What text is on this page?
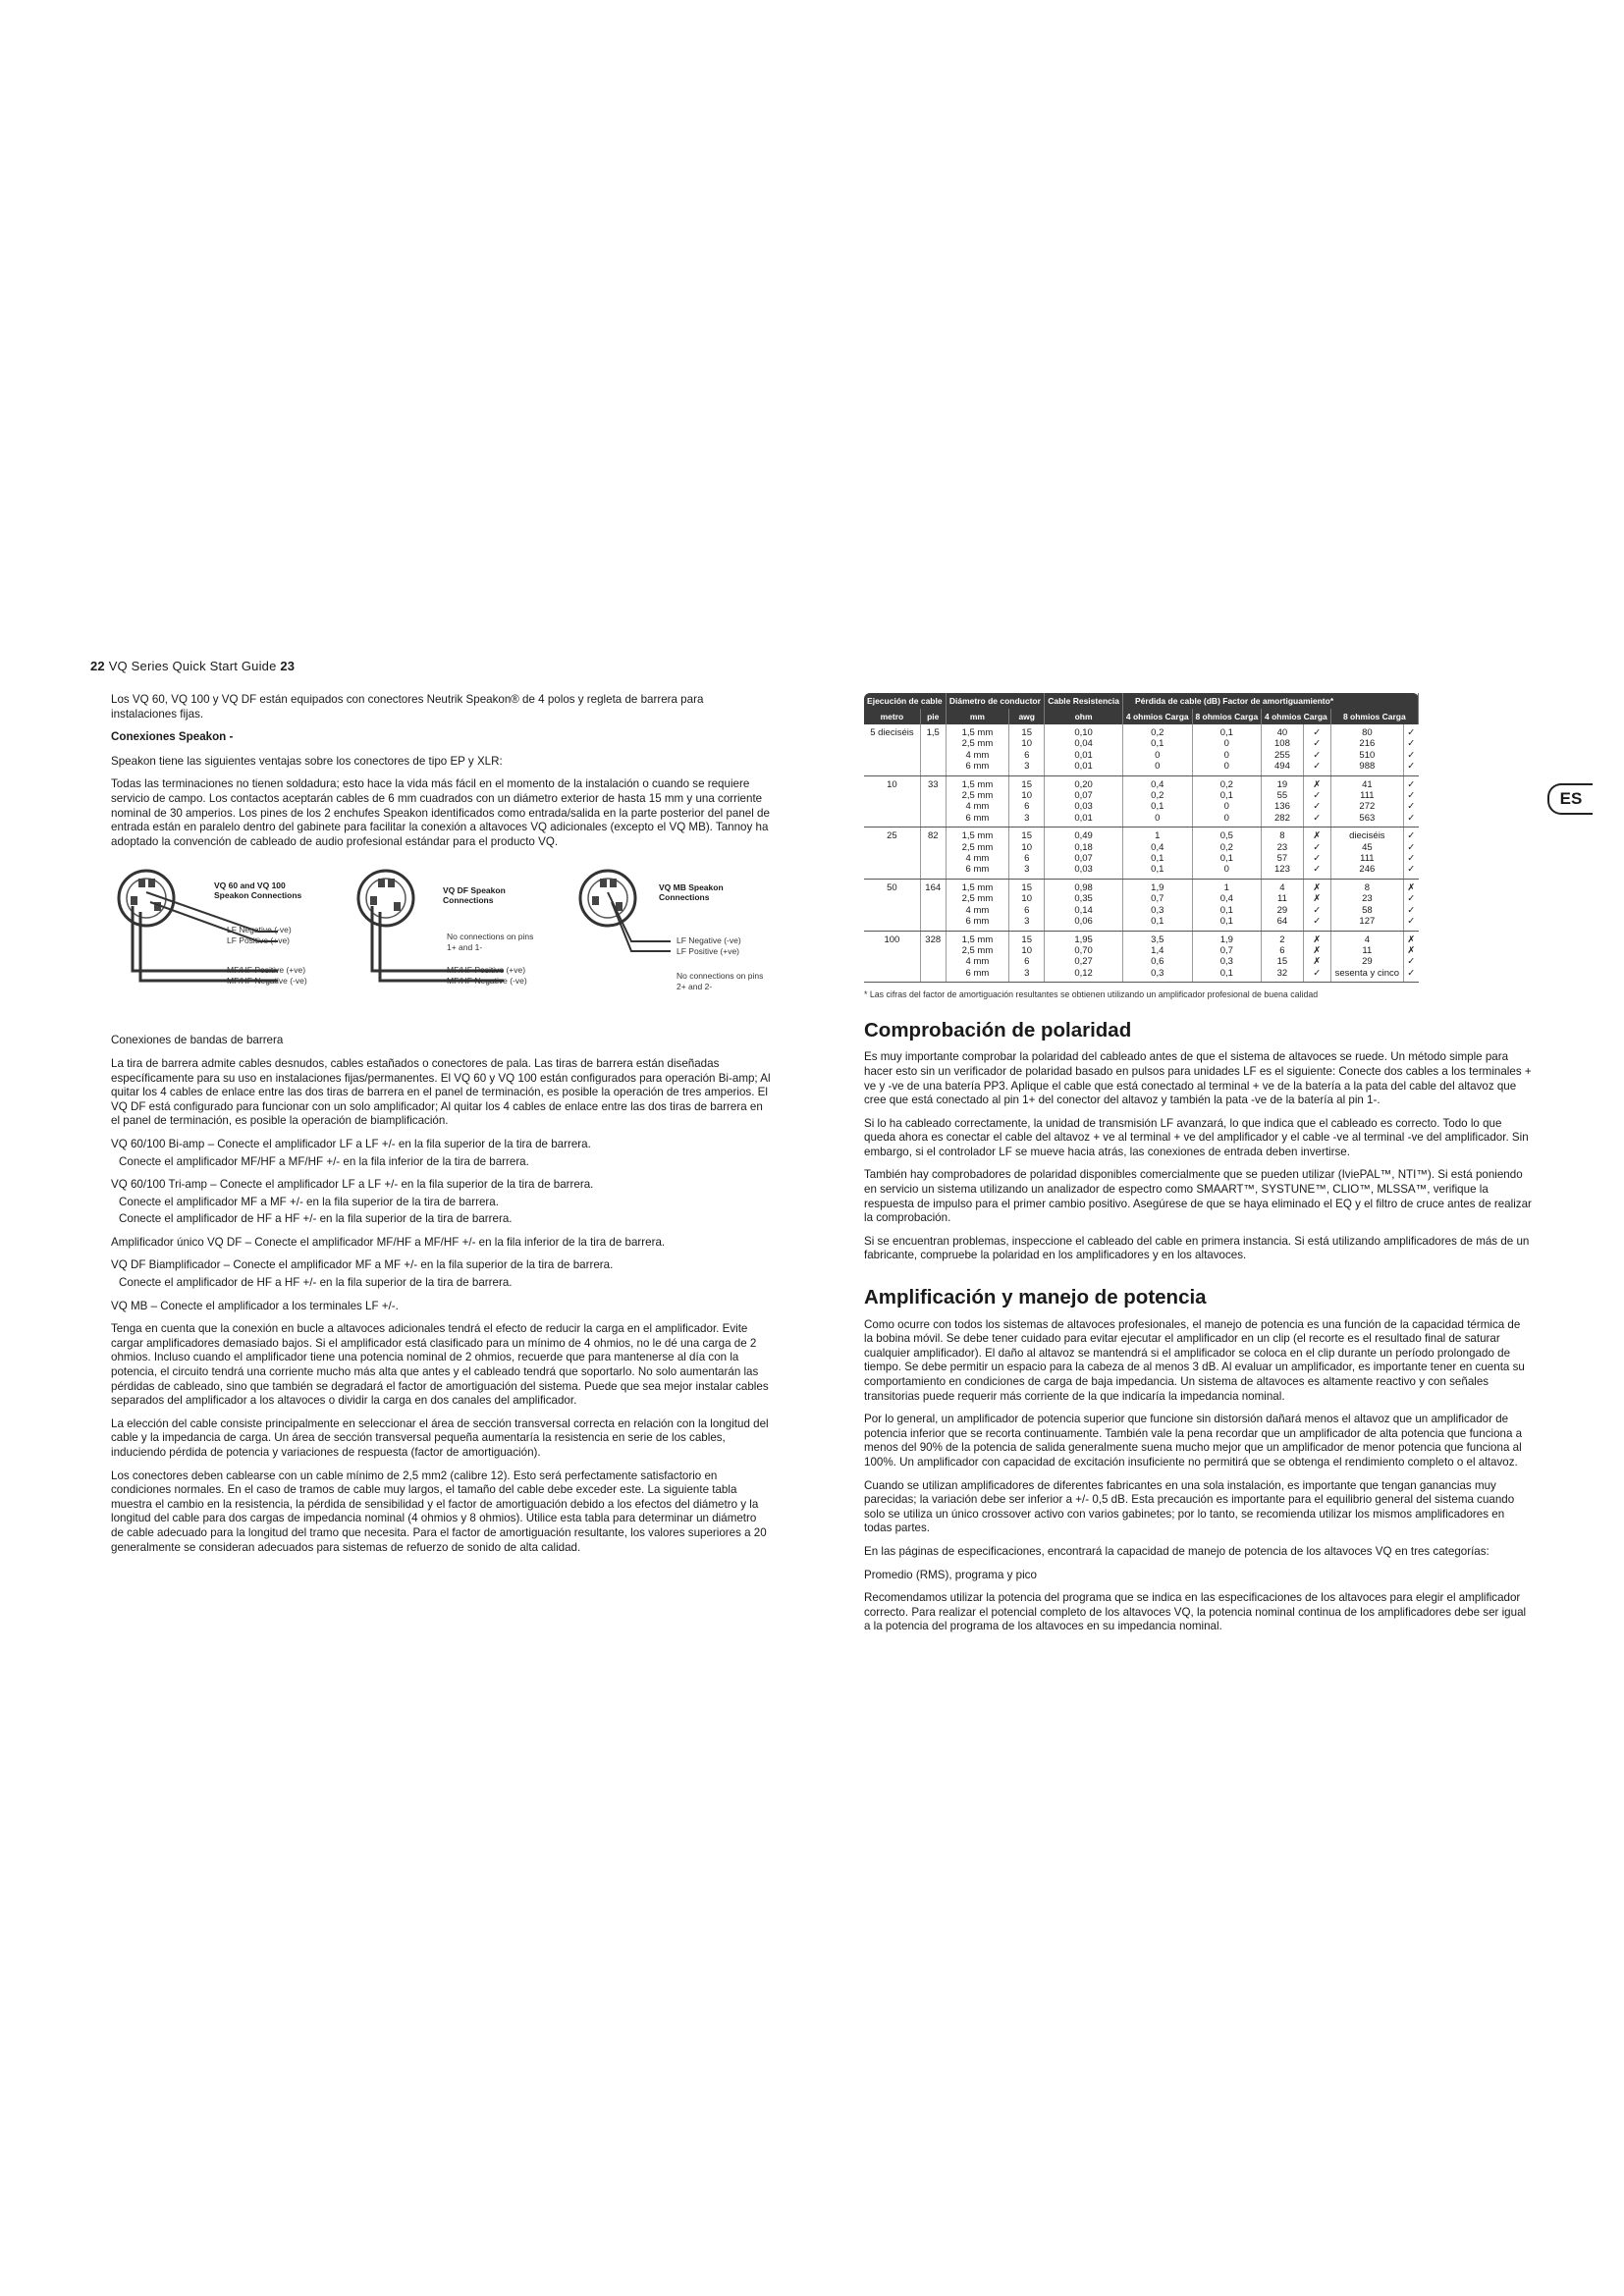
22 VQ Series Quick Start Guide 23
ES

Los VQ 60, VQ 100 y VQ DF están equipados con conectores Neutrik Speakon® de 4 polos y regleta de barrera para instalaciones fijas.

Conexiones Speakon -

Speakon tiene las siguientes ventajas sobre los conectores de tipo EP y XLR:

Todas las terminaciones no tienen soldadura; esto hace la vida más fácil en el momento de la instalación o cuando se requiere servicio de campo. Los contactos aceptarán cables de 6 mm cuadrados con un diámetro exterior de hasta 15 mm y una corriente nominal de 30 amperios. Los pines de los 2 enchufes Speakon identificados como entrada/salida en la parte posterior del panel de entrada están en paralelo dentro del gabinete para facilitar la conexión a altavoces VQ adicionales (excepto el VQ MB). Tannoy ha adoptado la convención de cableado de audio profesional estándar para el producto VQ.

VQ 60 and VQ 100
Speakon Connections
LF Negative (-ve)
LF Positive (+ve)
MF/HF Positive (+ve)
MF/HF Negative (-ve)
VQ DF Speakon
Connections
No connections on pins
1+ and 1-
MF/HF Positive (+ve)
MF/HF Negative (-ve)
VQ MB Speakon
Connections
LF Negative (-ve)
LF Positive (+ve)
No connections on pins
2+ and 2-

Conexiones de bandas de barrera

La tira de barrera admite cables desnudos, cables estañados o conectores de pala. Las tiras de barrera están diseñadas específicamente para su uso en instalaciones fijas/permanentes. El VQ 60 y VQ 100 están configurados para operación Bi-amp; Al quitar los 4 cables de enlace entre las dos tiras de barrera en el panel de terminación, es posible la operación de tres amperios. El VQ DF está configurado para funcionar con un solo amplificador; Al quitar los 4 cables de enlace entre las dos tiras de barrera en el panel de terminación, es posible la operación de biamplificación.

VQ 60/100 Bi-amp – Conecte el amplificador LF a LF +/- en la fila superior de la tira de barrera.

Conecte el amplificador MF/HF a MF/HF +/- en la fila inferior de la tira de barrera.

VQ 60/100 Tri-amp – Conecte el amplificador LF a LF +/- en la fila superior de la tira de barrera.

Conecte el amplificador MF a MF +/- en la fila superior de la tira de barrera.

Conecte el amplificador de HF a HF +/- en la fila superior de la tira de barrera.

Amplificador único VQ DF – Conecte el amplificador MF/HF a MF/HF +/- en la fila inferior de la tira de barrera.

VQ DF Biamplificador – Conecte el amplificador MF a MF +/- en la fila superior de la tira de barrera.

Conecte el amplificador de HF a HF +/- en la fila superior de la tira de barrera.

VQ MB – Conecte el amplificador a los terminales LF +/-.

Tenga en cuenta que la conexión en bucle a altavoces adicionales tendrá el efecto de reducir la carga en el amplificador. Evite cargar amplificadores demasiado bajos. Si el amplificador está clasificado para un mínimo de 4 ohmios, no le dé una carga de 2 ohmios. Incluso cuando el amplificador tiene una potencia nominal de 2 ohmios, recuerde que para mantenerse al día con la potencia, el circuito tendrá una corriente mucho más alta que antes y el cableado tendrá que soportarlo. No solo aumentarán las pérdidas de cableado, sino que también se degradará el factor de amortiguación del sistema. Puede que sea mejor instalar cables separados del amplificador a los altavoces o dividir la carga en dos canales del amplificador.

La elección del cable consiste principalmente en seleccionar el área de sección transversal correcta en relación con la longitud del cable y la impedancia de carga. Un área de sección transversal pequeña aumentaría la resistencia en serie de los cables, induciendo pérdida de potencia y variaciones de respuesta (factor de amortiguación).

Los conectores deben cablearse con un cable mínimo de 2,5 mm2 (calibre 12). Esto será perfectamente satisfactorio en condiciones normales. En el caso de tramos de cable muy largos, el tamaño del cable debe exceder este. La siguiente tabla muestra el cambio en la resistencia, la pérdida de sensibilidad y el factor de amortiguación debido a los efectos del diámetro y la longitud del cable para dos cargas de impedancia nominal (4 ohmios y 8 ohmios). Utilice esta tabla para determinar un diámetro de cable adecuado para la longitud del tramo que necesita. Para el factor de amortiguación resultante, los valores superiores a 20 generalmente se consideran adecuados para sistemas de refuerzo de sonido de alta calidad.

Ejecución de cable		Diámetro de conductor		Cable Resistencia	Pérdida de cable (dB) Factor de amortiguamiento*					
metro	pie	mm	awg	ohm	4 ohmios Carga	8 ohmios Carga	4 ohmios Carga		8 ohmios Carga	
5 dieciséis	1,5	1,5 mm	15	0,10	0,2	0,1	40	✓	80	✓
		2,5 mm	10	0,04	0,1	0	108	✓	216	✓
		4 mm	6	0,01	0	0	255	✓	510	✓
		6 mm	3	0,01	0	0	494	✓	988	✓
10	33	1,5 mm	15	0,20	0,4	0,2	19	✗	41	✓
		2,5 mm	10	0,07	0,2	0,1	55	✓	111	✓
		4 mm	6	0,03	0,1	0	136	✓	272	✓
		6 mm	3	0,01	0	0	282	✓	563	✓
25	82	1,5 mm	15	0,49	1	0,5	8	✗	dieciséis	✓
		2,5 mm	10	0,18	0,4	0,2	23	✓	45	✓
		4 mm	6	0,07	0,1	0,1	57	✓	111	✓
		6 mm	3	0,03	0,1	0	123	✓	246	✓
50	164	1,5 mm	15	0,98	1,9	1	4	✗	8	✗
		2,5 mm	10	0,35	0,7	0,4	11	✗	23	✓
		4 mm	6	0,14	0,3	0,1	29	✓	58	✓
		6 mm	3	0,06	0,1	0,1	64	✓	127	✓
100	328	1,5 mm	15	1,95	3,5	1,9	2	✗	4	✗
		2,5 mm	10	0,70	1,4	0,7	6	✗	11	✗
		4 mm	6	0,27	0,6	0,3	15	✗	29	✓
		6 mm	3	0,12	0,3	0,1	32	✓	sesenta y cinco	✓

* Las cifras del factor de amortiguación resultantes se obtienen utilizando un amplificador profesional de buena calidad

Comprobación de polaridad

Es muy importante comprobar la polaridad del cableado antes de que el sistema de altavoces se ruede. Un método simple para hacer esto sin un verificador de polaridad basado en pulsos para unidades LF es el siguiente: Conecte dos cables a los terminales + ve y -ve de una batería PP3. Aplique el cable que está conectado al terminal + ve de la batería a la pata del cable del altavoz que cree que está conectado al pin 1+ del conector del altavoz y también la pata -ve de la batería al pin 1-.

Si lo ha cableado correctamente, la unidad de transmisión LF avanzará, lo que indica que el cableado es correcto. Todo lo que queda ahora es conectar el cable del altavoz + ve al terminal + ve del amplificador y el cable -ve al terminal -ve del amplificador. Sin embargo, si el controlador LF se mueve hacia atrás, las conexiones de entrada deben invertirse.

También hay comprobadores de polaridad disponibles comercialmente que se pueden utilizar (IviePAL™, NTI™). Si está poniendo en servicio un sistema utilizando un analizador de espectro como SMAART™, SYSTUNE™, CLIO™, MLSSA™, verifique la respuesta de impulso para el primer cambio positivo. Asegúrese de que se haya eliminado el EQ y el filtro de cruce antes de realizar la comprobación.

Si se encuentran problemas, inspeccione el cableado del cable en primera instancia. Si está utilizando amplificadores de más de un fabricante, compruebe la polaridad en los amplificadores y en los altavoces.

Amplificación y manejo de potencia

Como ocurre con todos los sistemas de altavoces profesionales, el manejo de potencia es una función de la capacidad térmica de la bobina móvil. Se debe tener cuidado para evitar ejecutar el amplificador en un clip (el recorte es el resultado final de saturar cualquier amplificador). El daño al altavoz se mantendrá si el amplificador se coloca en el clip durante un período prolongado de tiempo. Se debe permitir un espacio para la cabeza de al menos 3 dB. Al evaluar un amplificador, es importante tener en cuenta su comportamiento en condiciones de carga de baja impedancia. Un sistema de altavoces es altamente reactivo y con señales transitorias puede requerir más corriente de la que indicaría la impedancia nominal.

Por lo general, un amplificador de potencia superior que funcione sin distorsión dañará menos el altavoz que un amplificador de potencia inferior que se recorta continuamente. También vale la pena recordar que un amplificador de alta potencia que funciona a menos del 90% de la potencia de salida generalmente suena mucho mejor que un amplificador de menor potencia que funciona al 100%. Un amplificador con capacidad de excitación insuficiente no permitirá que se obtenga el rendimiento completo o el altavoz.

Cuando se utilizan amplificadores de diferentes fabricantes en una sola instalación, es importante que tengan ganancias muy parecidas; la variación debe ser inferior a +/- 0,5 dB. Esta precaución es importante para el equilibrio general del sistema cuando solo se utiliza un único crossover activo con varios gabinetes; por lo tanto, se recomienda utilizar los mismos amplificadores en todas partes.

En las páginas de especificaciones, encontrará la capacidad de manejo de potencia de los altavoces VQ en tres categorías:

Promedio (RMS), programa y pico

Recomendamos utilizar la potencia del programa que se indica en las especificaciones de los altavoces para elegir el amplificador correcto. Para realizar el potencial completo de los altavoces VQ, la potencia nominal continua de los amplificadores debe ser igual a la potencia del programa de los altavoces en su impedancia nominal.
